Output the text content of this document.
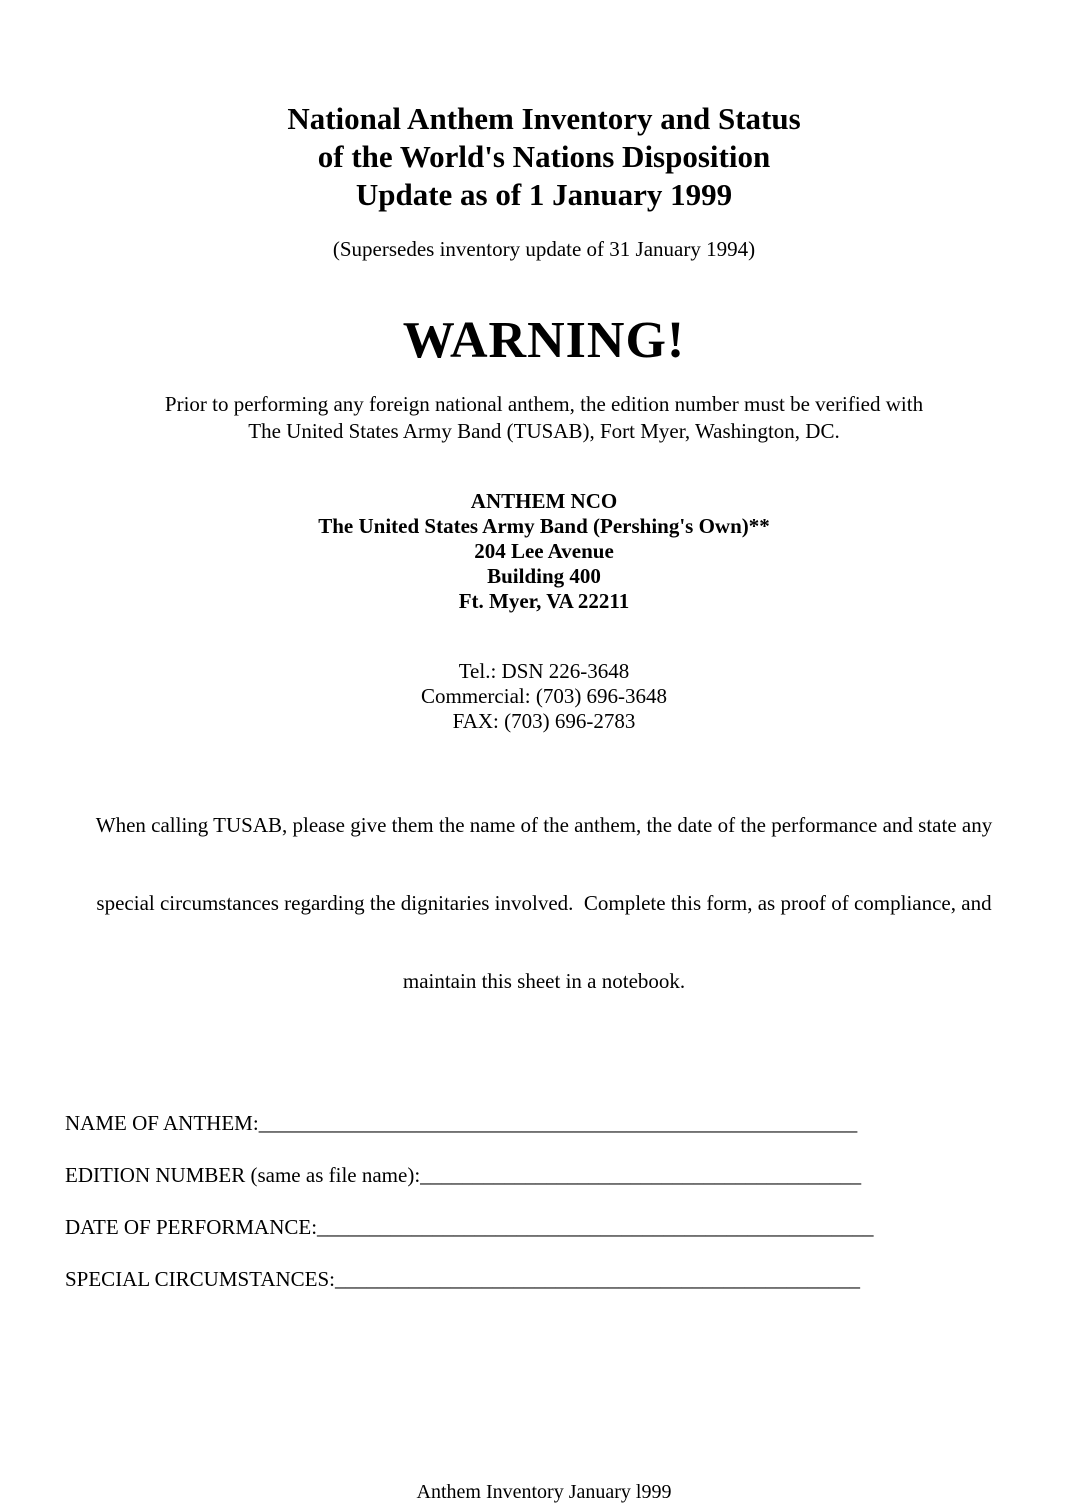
National Anthem Inventory and Status
of the World's Nations Disposition
Update as of 1 January 1999
(Supersedes inventory update of 31 January 1994)
WARNING!
Prior to performing any foreign national anthem, the edition number must be verified with
The United States Army Band (TUSAB), Fort Myer, Washington, DC.
ANTHEM NCO
The United States Army Band (Pershing's Own)**
204 Lee Avenue
Building 400
Ft. Myer, VA 22211
Tel.: DSN 226-3648
Commercial: (703) 696-3648
FAX: (703) 696-2783

When calling TUSAB, please give them the name of the anthem, the date of the performance and state any

special circumstances regarding the dignitaries involved.  Complete this form, as proof of compliance, and

maintain this sheet in a notebook.

NAME OF ANTHEM:_________________________________________________________
EDITION NUMBER (same as file name):__________________________________________
DATE OF PERFORMANCE:_____________________________________________________
SPECIAL CIRCUMSTANCES:__________________________________________________
Anthem Inventory January l999
